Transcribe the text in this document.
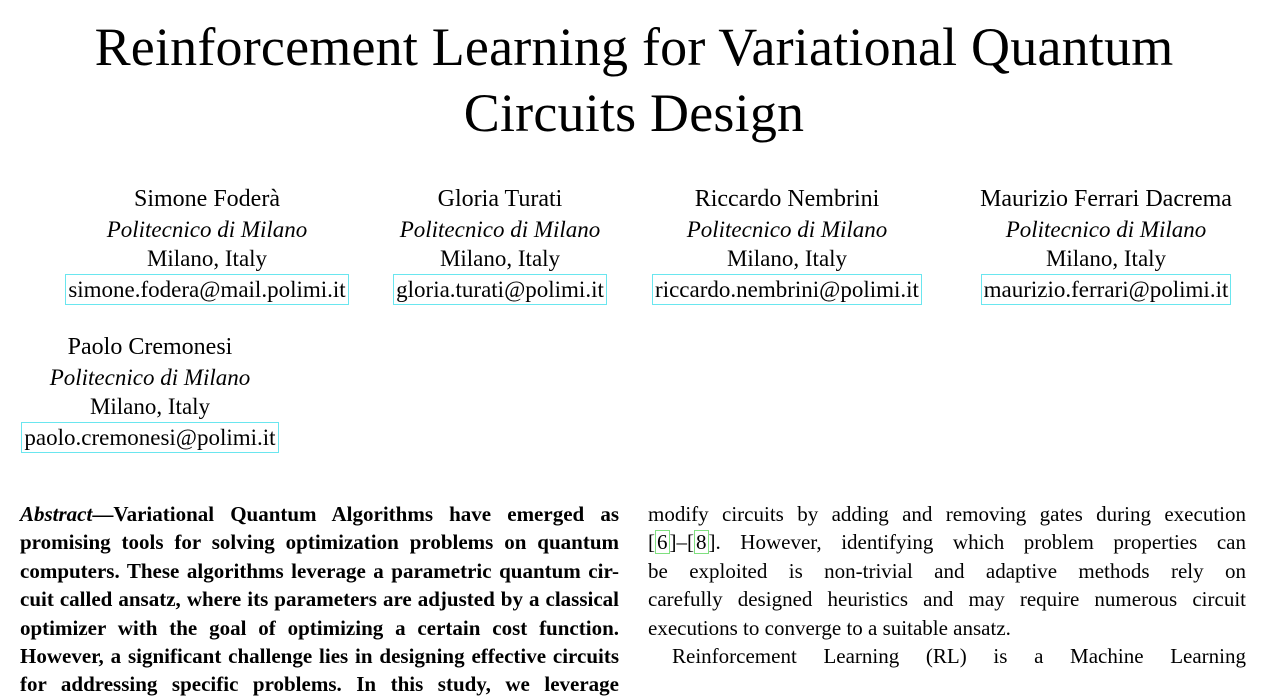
Reinforcement Learning for Variational Quantum
Circuits Design
Simone Foderà
Politecnico di Milano
Milano, Italy
simone.fodera@mail.polimi.it
Gloria Turati
Politecnico di Milano
Milano, Italy
gloria.turati@polimi.it
Riccardo Nembrini
Politecnico di Milano
Milano, Italy
riccardo.nembrini@polimi.it
Maurizio Ferrari Dacrema
Politecnico di Milano
Milano, Italy
maurizio.ferrari@polimi.it
Paolo Cremonesi
Politecnico di Milano
Milano, Italy
paolo.cremonesi@polimi.it
Abstract—Variational Quantum Algorithms have emerged as
promising tools for solving optimization problems on quantum
computers. These algorithms leverage a parametric quantum cir-
cuit called ansatz, where its parameters are adjusted by a classical
optimizer with the goal of optimizing a certain cost function.
However, a significant challenge lies in designing effective circuits
for addressing specific problems. In this study, we leverage
modify circuits by adding and removing gates during execution
[6]–[8]. However, identifying which problem properties can
be exploited is non-trivial and adaptive methods rely on
carefully designed heuristics and may require numerous circuit
executions to converge to a suitable ansatz.
Reinforcement Learning (RL) is a Machine Learning
